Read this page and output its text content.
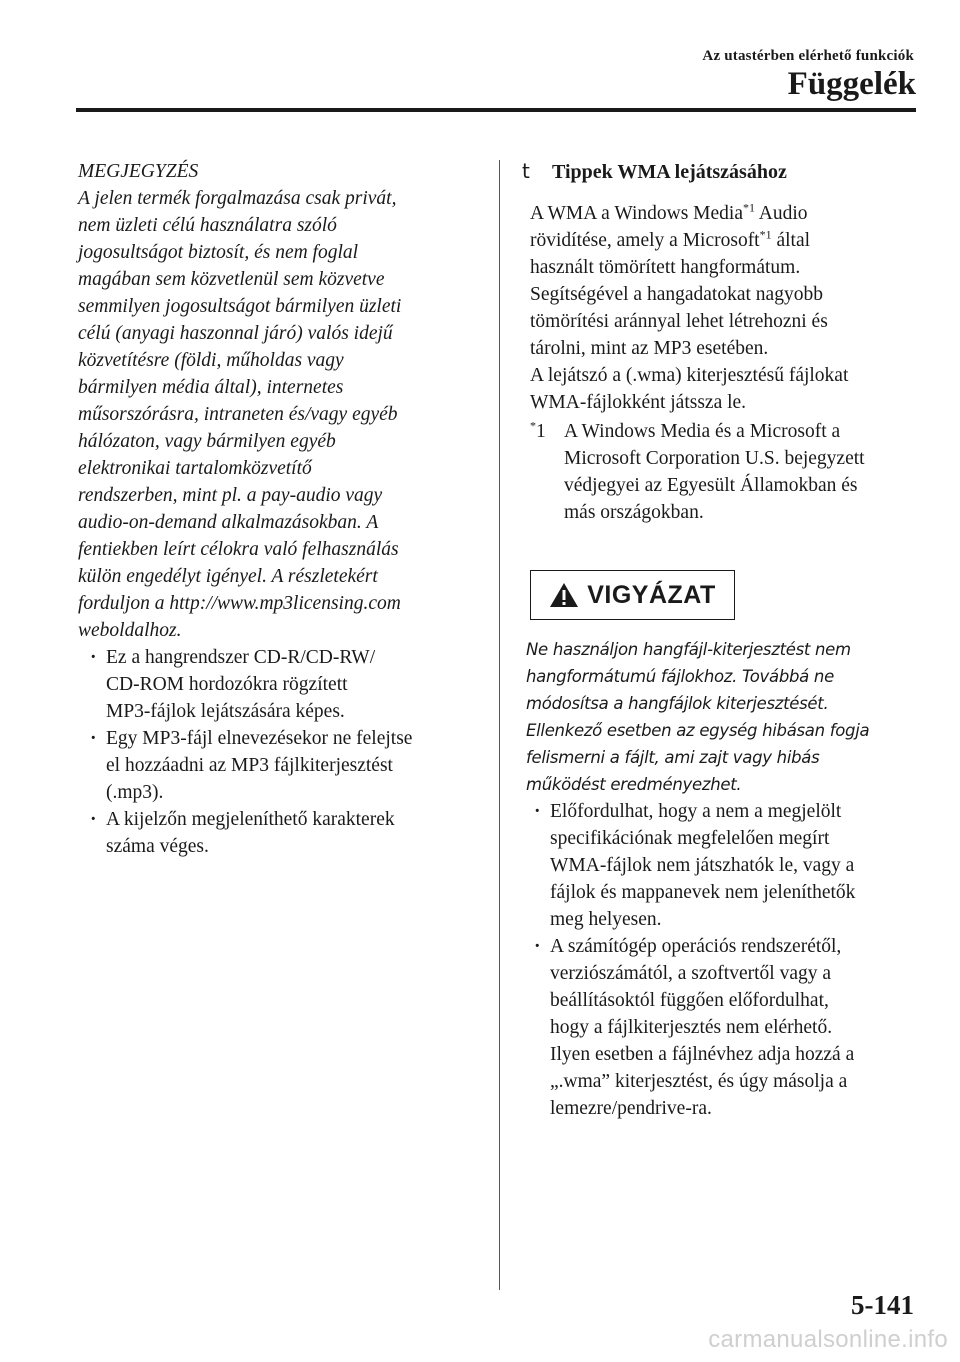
Az utastérben elérhető funkciók
Függelék
MEGJEGYZÉS
A jelen termék forgalmazása csak privát,
nem üzleti célú használatra szóló
jogosultságot biztosít, és nem foglal
magában sem közvetlenül sem közvetve
semmilyen jogosultságot bármilyen üzleti
célú (anyagi haszonnal járó) valós idejű
közvetítésre (földi, műholdas vagy
bármilyen média által), internetes
műsorszórásra, intraneten és/vagy egyéb
hálózaton, vagy bármilyen egyéb
elektronikai tartalomközvetítő
rendszerben, mint pl. a pay-audio vagy
audio-on-demand alkalmazásokban. A
fentiekben leírt célokra való felhasználás
külön engedélyt igényel. A részletekért
forduljon a http://www.mp3licensing.com
weboldalhoz.
· Ez a hangrendszer CD-R/CD-RW/
CD-ROM hordozókra rögzített
MP3-fájlok lejátszására képes.
· Egy MP3-fájl elnevezésekor ne felejtse
el hozzáadni az MP3 fájlkiterjesztést
(.mp3).
· A kijelzőn megjeleníthető karakterek
száma véges.
t	Tippek WMA lejátszásához
A WMA a Windows Media$^{*1}$ Audio
rövidítése, amely a Microsoft$^{*1}$ által
használt tömörített hangformátum.
Segítségével a hangadatokat nagyobb
tömörítési aránnyal lehet létrehozni és
tárolni, mint az MP3 esetében.
A lejátszó a (.wma) kiterjesztésű fájlokat
WMA-fájlokként játssza le.
*1 A Windows Media és a Microsoft a
Microsoft Corporation U.S. bejegyzett
védjegyei az Egyesült Államokban és
más országokban.
VIGYÁZAT
Ne használjon hangfájl-kiterjesztést nem
hangformátumú fájlokhoz. Továbbá ne
módosítsa a hangfájlok kiterjesztését.
Ellenkező esetben az egység hibásan fogja
felismerni a fájlt, ami zajt vagy hibás
működést eredményezhet.
· Előfordulhat, hogy a nem a megjelölt
specifikációnak megfelelően megírt
WMA-fájlok nem játszhatók le, vagy a
fájlok és mappanevek nem jeleníthetők
meg helyesen.
· A számítógép operációs rendszerétől,
verziószámától, a szoftvertől vagy a
beállításoktól függően előfordulhat,
hogy a fájlkiterjesztés nem elérhető.
Ilyen esetben a fájlnévhez adja hozzá a
„.wma” kiterjesztést, és úgy másolja a
lemezre/pendrive-ra.
5-141
carmanualsonline.info
